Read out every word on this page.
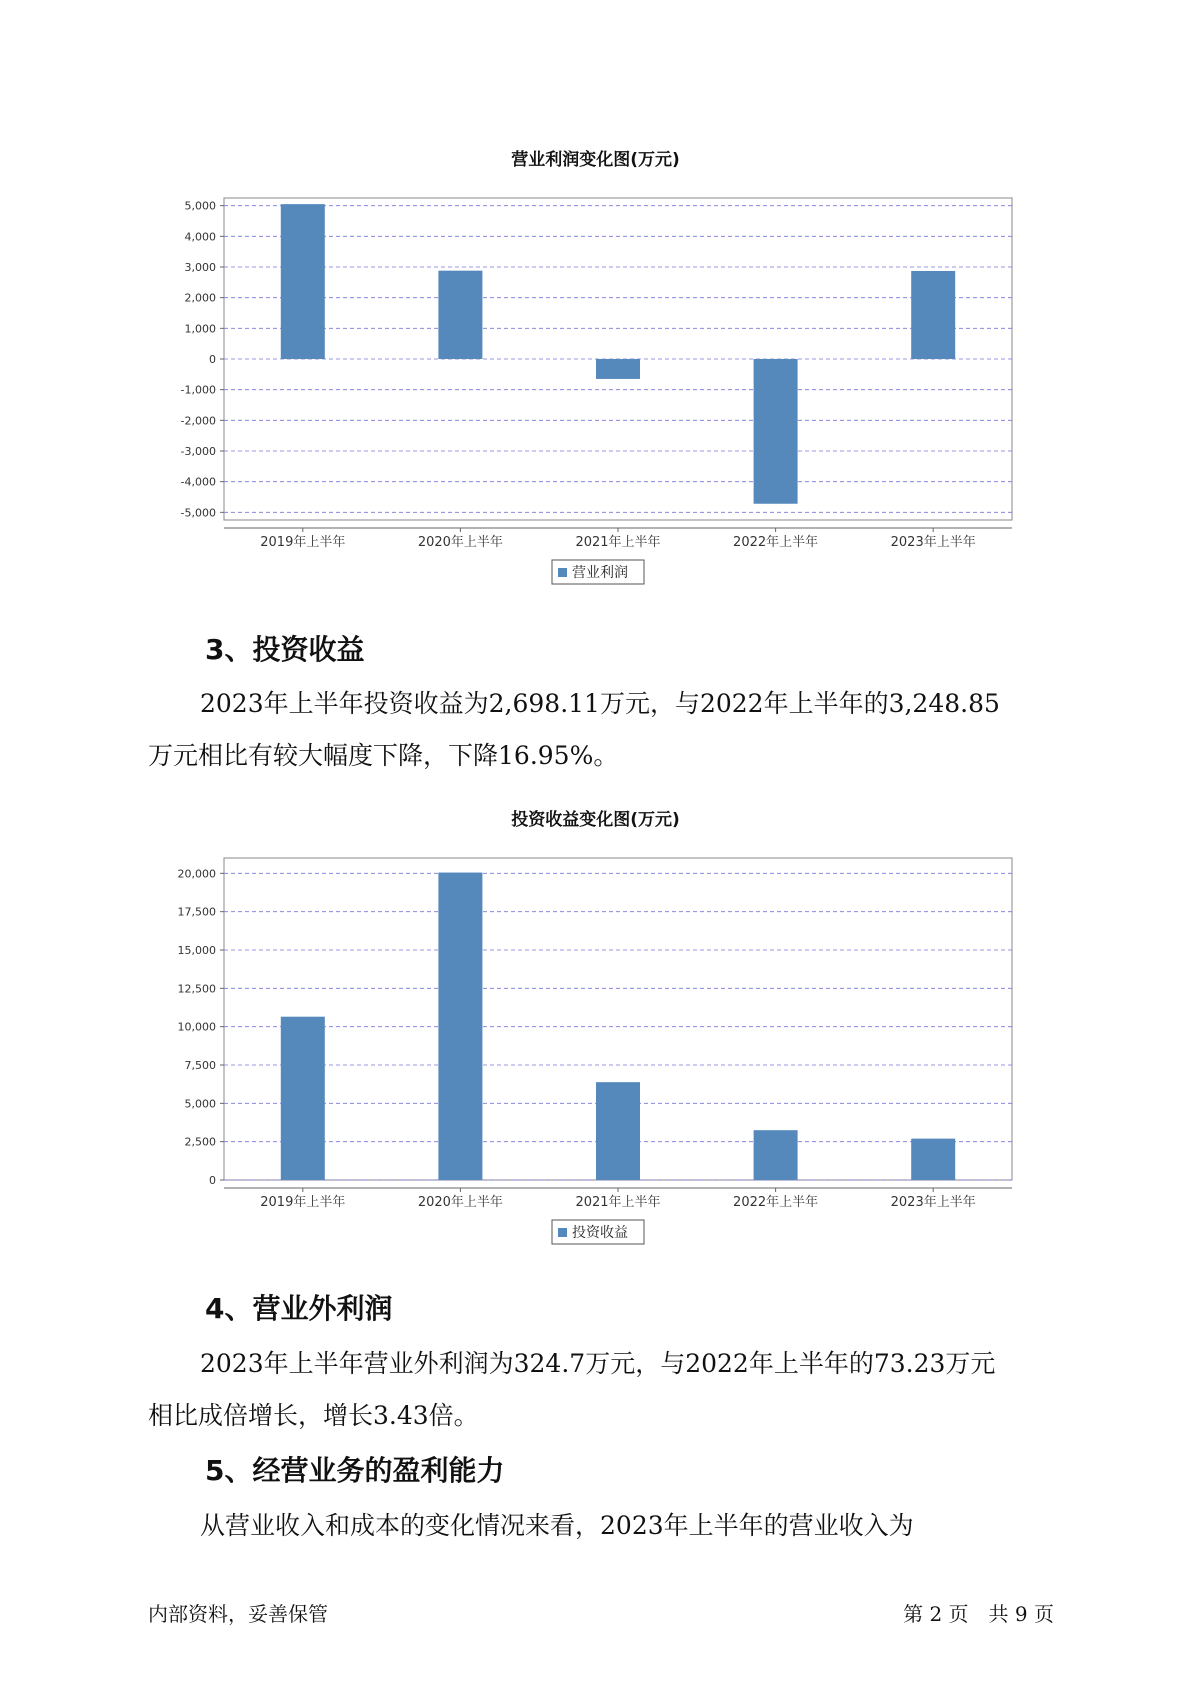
营业利润变化图(万元)
5,000
4,000
3,000
2,000
1,000
0
-1,000
-2,000
-3,000
-4,000
-5,000
2019年上半年	2020年上半年	2021年上半年	2022年上半年	2023年上半年
营业利润
3、投资收益
2023年上半年投资收益为2,698.11万元，与2022年上半年的3,248.85
万元相比有较大幅度下降，下降16.95%。
投资收益变化图(万元)
20,000
17,500
15,000
12,500
10,000
7,500
5,000
2,500
0
2019年上半年	2020年上半年	2021年上半年	2022年上半年	2023年上半年
投资收益
4、营业外利润
2023年上半年营业外利润为324.7万元，与2022年上半年的73.23万元
相比成倍增长，增长3.43倍。
5、经营业务的盈利能力
从营业收入和成本的变化情况来看，2023年上半年的营业收入为
内部资料，妥善保管	第 2 页　共 9 页
